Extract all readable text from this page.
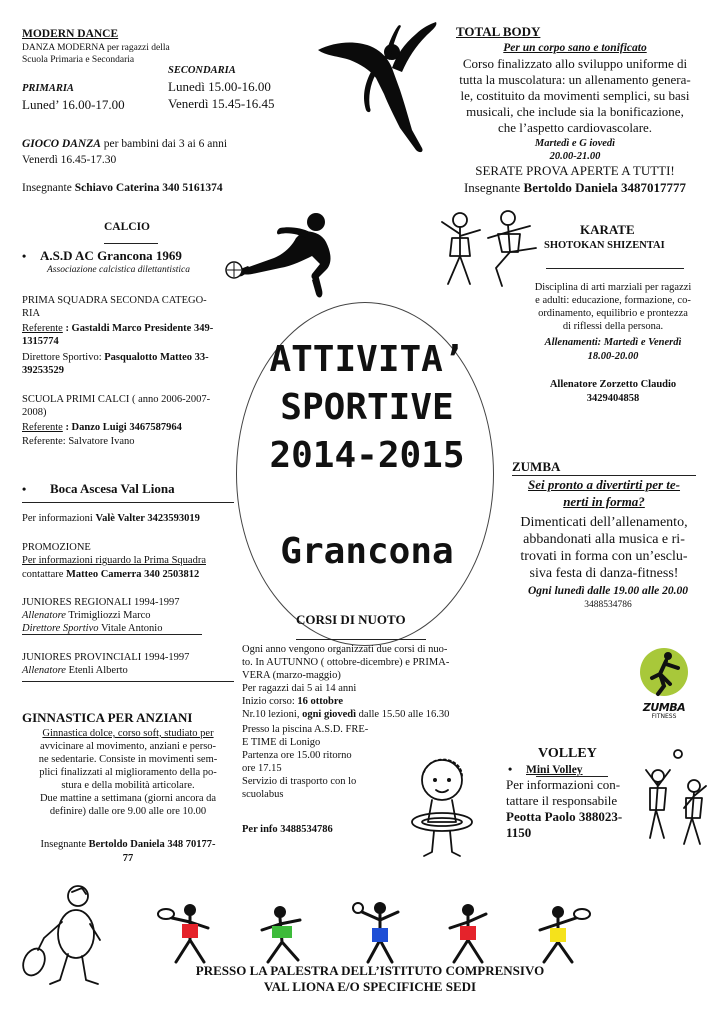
MODERN DANCE
DANZA MODERNA per ragazzi della
Scuola Primaria e Secondaria
SECONDARIA
Lunedì 15.00-16.00
Venerdì 15.45-16.45
PRIMARIA
Luned’ 16.00-17.00
GIOCO DANZA per bambini dai 3 ai 6 anni
Venerdì 16.45-17.30
Insegnante Schiavo Caterina 340 5161374
TOTAL BODY
Per un corpo sano e tonificato
Corso finalizzato allo sviluppo uniforme di
tutta la muscolatura: un allenamento genera-
le, costituito da movimenti semplici, su basi
musicali, che include sia la bonificazione,
che l’aspetto cardiovascolare.
Martedì e G iovedì
20.00-21.00
SERATE PROVA APERTE A TUTTI!
Insegnante Bertoldo Daniela 3487017777
CALCIO
• A.S.D AC Grancona 1969
Associazione calcistica dilettantistica
PRIMA SQUADRA SECONDA CATEGO-
RIA
Referente : Gastaldi Marco Presidente 349-
1315774
Direttore Sportivo: Pasqualotto Matteo 33-
39253529
SCUOLA PRIMI CALCI ( anno 2006-2007-
2008)
Referente : Danzo Luigi 3467587964
Referente: Salvatore Ivano
KARATE
SHOTOKAN SHIZENTAI
Disciplina di arti marziali per ragazzi
e adulti: educazione, formazione, co-
ordinamento, equilibrio e prontezza
di riflessi della persona.
Allenamenti: Martedì e Venerdì
18.00-20.00
Allenatore Zorzetto Claudio
3429404858
ATTIVITA’
SPORTIVE
2014-2015
Grancona
• Boca Ascesa Val Liona
Per informazioni Valè Valter 3423593019
PROMOZIONE
Per informazioni riguardo la Prima Squadra
contattare Matteo Camerra 340 2503812
JUNIORES REGIONALI 1994-1997
Allenatore Trimigliozzi Marco
Direttore Sportivo Vitale Antonio
JUNIORES PROVINCIALI 1994-1997
Allenatore Etenli Alberto
ZUMBA
Sei pronto a divertirti per te-
nerti in forma?
Dimenticati dell’allenamento,
abbandonati alla musica e ri-
trovati in forma con un’esclu-
siva festa di danza-fitness!
Ogni lunedì dalle 19.00 alle 20.00
3488534786
ZUMBA
FITNESS
CORSI DI NUOTO
Ogni anno vengono organizzati due corsi di nuo-
to. In AUTUNNO ( ottobre-dicembre) e PRIMA-
VERA (marzo-maggio)
Per ragazzi dai 5 ai 14 anni
Inizio corso: 16 ottobre
Nr.10 lezioni, ogni giovedì dalle 15.50 alle 16.30
Presso la piscina A.S.D. FRE-
E TIME di Lonigo
Partenza ore 15.00 ritorno
ore 17.15
Servizio di trasporto con lo
scuolabus
Per info 3488534786
GINNASTICA PER ANZIANI
Ginnastica dolce, corso soft, studiato per
avvicinare al movimento, anziani e perso-
ne sedentarie. Consiste in movimenti sem-
plici finalizzati al miglioramento della po-
stura e della mobilità articolare.
Due mattine a settimana (giorni ancora da
definire) dalle ore 9.00 alle ore 10.00
Insegnante Bertoldo Daniela 348 70177-
77
VOLLEY
• Mini Volley
Per informazioni con-
tattare il responsabile
Peotta Paolo 388023-
1150
PRESSO LA PALESTRA DELL’ISTITUTO COMPRENSIVO
VAL LIONA E/O SPECIFICHE SEDI
